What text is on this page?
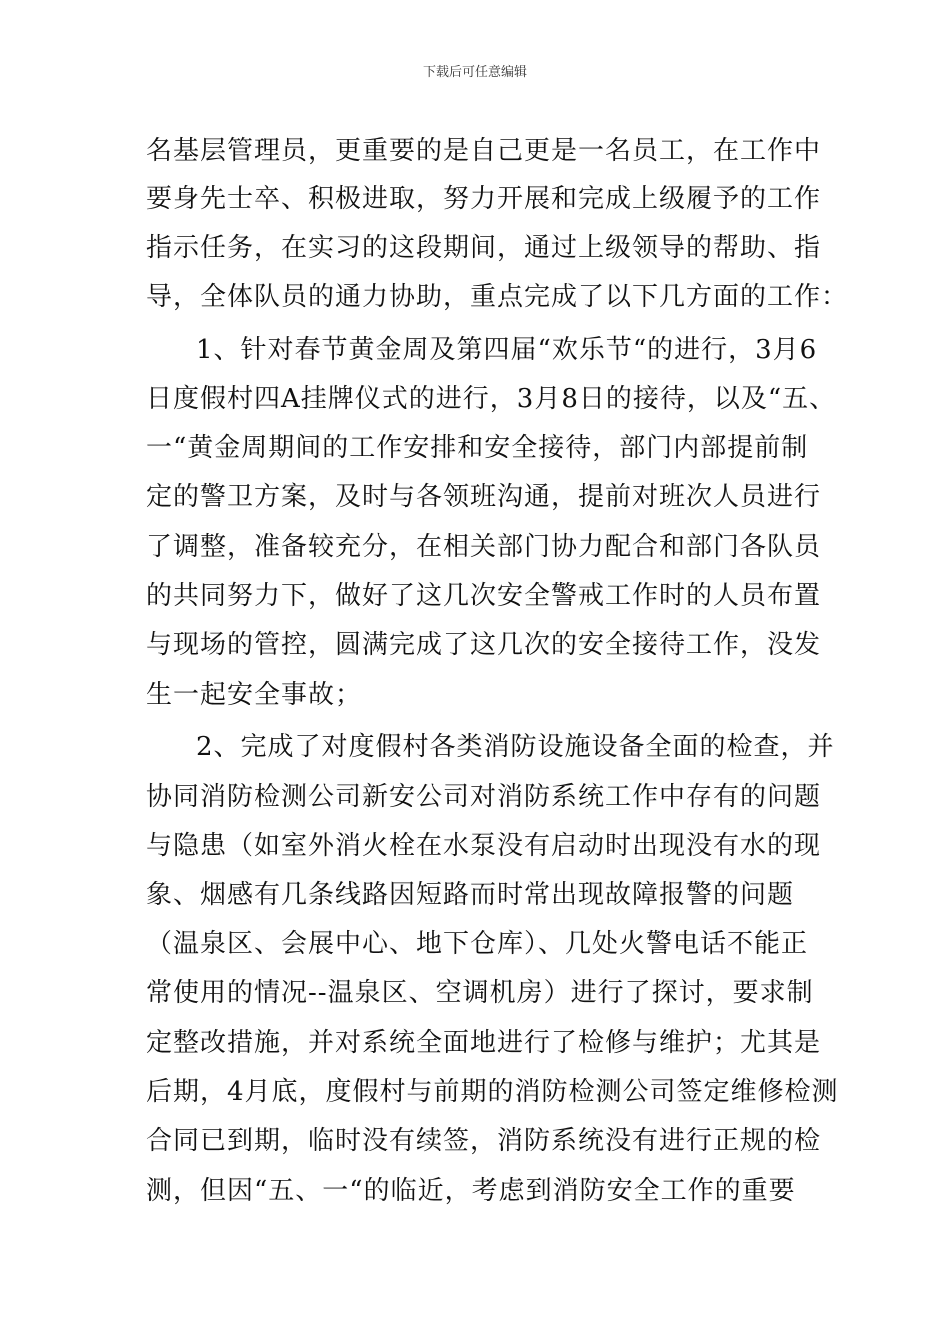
下载后可任意编辑
名基层管理员，更重要的是自己更是一名员工，在工作中
要身先士卒、积极进取，努力开展和完成上级履予的工作
指示任务，在实习的这段期间，通过上级领导的帮助、指
导，全体队员的通力协助，重点完成了以下几方面的工作：
1、针对春节黄金周及第四届“欢乐节“的进行，3月6
日度假村四A挂牌仪式的进行，3月8日的接待，以及“五、
一“黄金周期间的工作安排和安全接待，部门内部提前制
定的警卫方案，及时与各领班沟通，提前对班次人员进行
了调整，准备较充分，在相关部门协力配合和部门各队员
的共同努力下，做好了这几次安全警戒工作时的人员布置
与现场的管控，圆满完成了这几次的安全接待工作，没发
生一起安全事故；
2、完成了对度假村各类消防设施设备全面的检查，并
协同消防检测公司新安公司对消防系统工作中存有的问题
与隐患（如室外消火栓在水泵没有启动时出现没有水的现
象、烟感有几条线路因短路而时常出现故障报警的问题
（温泉区、会展中心、地下仓库）、几处火警电话不能正
常使用的情况--温泉区、空调机房）进行了探讨，要求制
定整改措施，并对系统全面地进行了检修与维护；尤其是
后期，4月底，度假村与前期的消防检测公司签定维修检测
合同已到期，临时没有续签，消防系统没有进行正规的检
测，但因“五、一“的临近，考虑到消防安全工作的重要
